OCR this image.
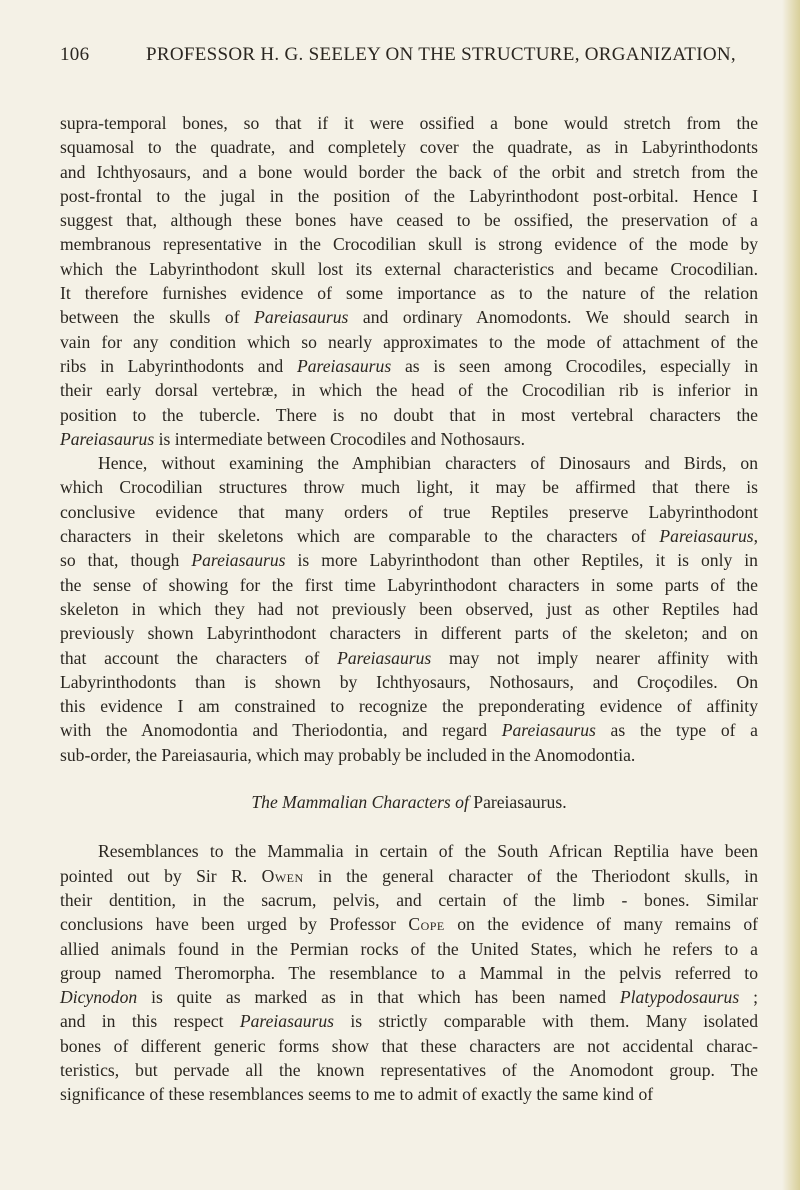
106	PROFESSOR H. G. SEELEY ON THE STRUCTURE, ORGANIZATION,
supra-temporal bones, so that if it were ossified a bone would stretch from the
squamosal to the quadrate, and completely cover the quadrate, as in Labyrinthodonts
and Ichthyosaurs, and a bone would border the back of the orbit and stretch from the
post-frontal to the jugal in the position of the Labyrinthodont post-orbital. Hence I
suggest that, although these bones have ceased to be ossified, the preservation of a
membranous representative in the Crocodilian skull is strong evidence of the mode by
which the Labyrinthodont skull lost its external characteristics and became Crocodilian.
It therefore furnishes evidence of some importance as to the nature of the relation
between the skulls of Pareiasaurus and ordinary Anomodonts. We should search in
vain for any condition which so nearly approximates to the mode of attachment of the
ribs in Labyrinthodonts and Pareiasaurus as is seen among Crocodiles, especially in
their early dorsal vertebræ, in which the head of the Crocodilian rib is inferior in
position to the tubercle. There is no doubt that in most vertebral characters the
Pareiasaurus is intermediate between Crocodiles and Nothosaurs.
Hence, without examining the Amphibian characters of Dinosaurs and Birds, on
which Crocodilian structures throw much light, it may be affirmed that there is
conclusive evidence that many orders of true Reptiles preserve Labyrinthodont
characters in their skeletons which are comparable to the characters of Pareiasaurus,
so that, though Pareiasaurus is more Labyrinthodont than other Reptiles, it is only in
the sense of showing for the first time Labyrinthodont characters in some parts of the
skeleton in which they had not previously been observed, just as other Reptiles had
previously shown Labyrinthodont characters in different parts of the skeleton; and on
that account the characters of Pareiasaurus may not imply nearer affinity with
Labyrinthodonts than is shown by Ichthyosaurs, Nothosaurs, and Croçodiles. On
this evidence I am constrained to recognize the preponderating evidence of affinity
with the Anomodontia and Theriodontia, and regard Pareiasaurus as the type of a
sub-order, the Pareiasauria, which may probably be included in the Anomodontia.
The Mammalian Characters of Pareiasaurus.
Resemblances to the Mammalia in certain of the South African Reptilia have been
pointed out by Sir R. Owen in the general character of the Theriodont skulls, in
their dentition, in the sacrum, pelvis, and certain of the limb - bones. Similar
conclusions have been urged by Professor Cope on the evidence of many remains of
allied animals found in the Permian rocks of the United States, which he refers to a
group named Theromorpha. The resemblance to a Mammal in the pelvis referred to
Dicynodon is quite as marked as in that which has been named Platypodosaurus ;
and in this respect Pareiasaurus is strictly comparable with them. Many isolated
bones of different generic forms show that these characters are not accidental charac-
teristics, but pervade all the known representatives of the Anomodont group. The
significance of these resemblances seems to me to admit of exactly the same kind of
